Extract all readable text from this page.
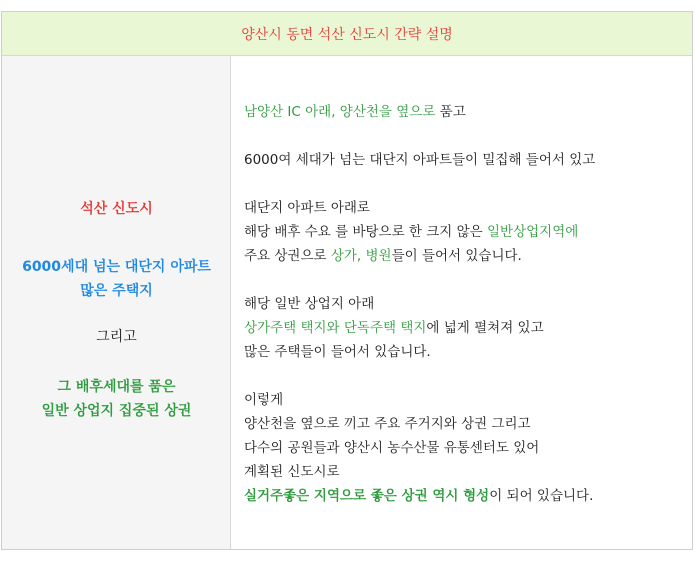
양산시 동면 석산 신도시 간략 설명
석산 신도시
6000세대 넘는 대단지 아파트
많은 주택지
그리고
그 배후세대를 품은
일반 상업지 집중된 상권
남양산 IC 아래, 양산천을 옆으로 품고
6000여 세대가 넘는 대단지 아파트들이 밀집해 들어서 있고
대단지 아파트 아래로
해당 배후 수요 를 바탕으로 한 크지 않은 일반상업지역에
주요 상권으로 상가, 병원들이 들어서 있습니다.
해당 일반 상업지 아래
상가주택 택지와 단독주택 택지에 넓게 펼쳐져 있고
많은 주택들이 들어서 있습니다.
이렇게
양산천을 옆으로 끼고 주요 주거지와 상권 그리고
다수의 공원들과 양산시 농수산물 유통센터도 있어
계획된 신도시로
실거주좋은 지역으로 좋은 상권 역시 형성이 되어 있습니다.
